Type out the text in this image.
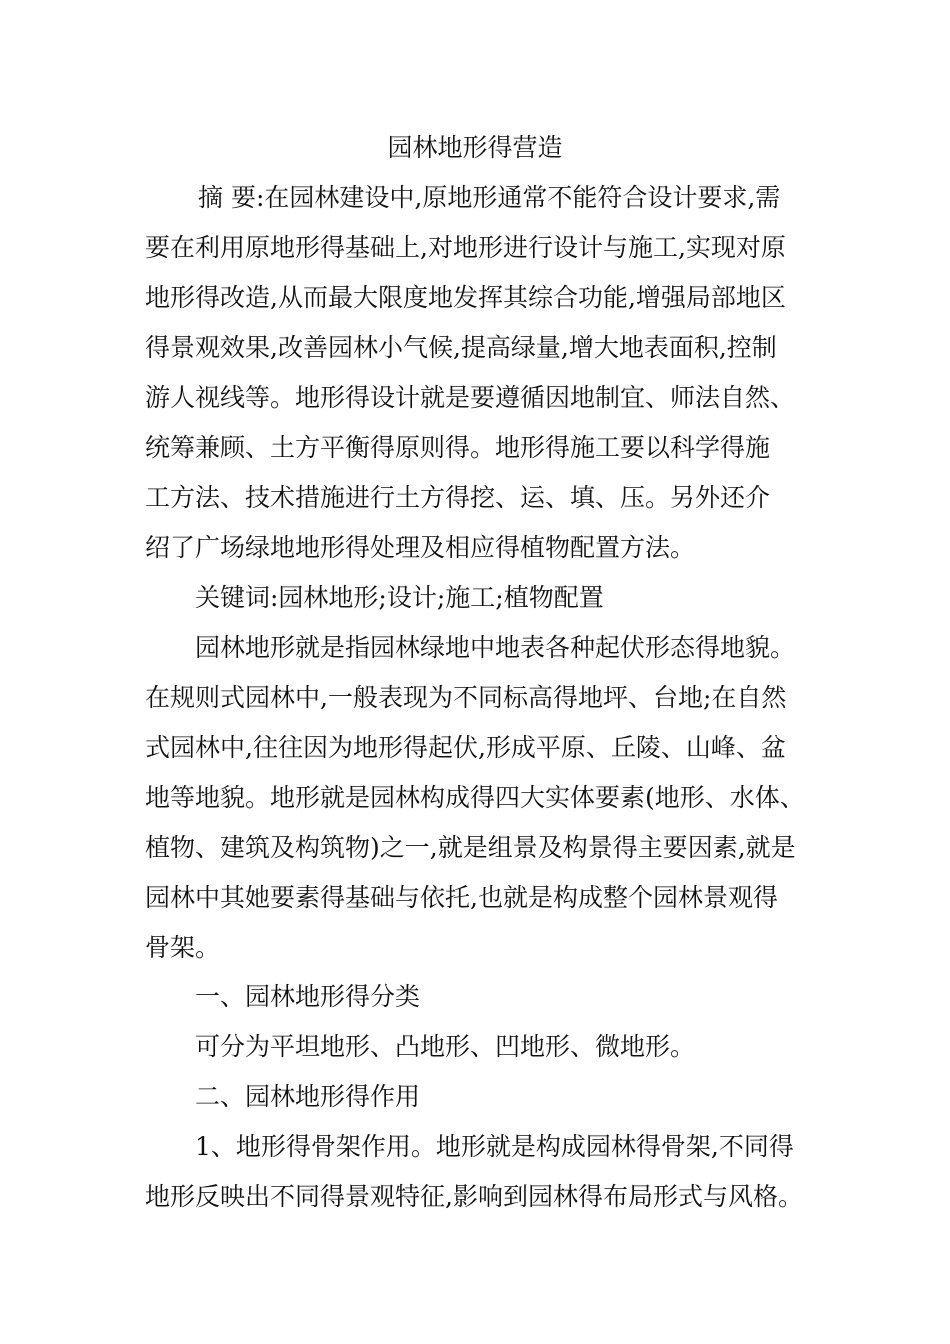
园林地形得营造
摘 要:在园林建设中,原地形通常不能符合设计要求,需
要在利用原地形得基础上,对地形进行设计与施工,实现对原
地形得改造,从而最大限度地发挥其综合功能,增强局部地区
得景观效果,改善园林小气候,提高绿量,增大地表面积,控制
游人视线等。地形得设计就是要遵循因地制宜、师法自然、
统筹兼顾、土方平衡得原则得。地形得施工要以科学得施
工方法、技术措施进行土方得挖、运、填、压。另外还介
绍了广场绿地地形得处理及相应得植物配置方法。
关键词:园林地形;设计;施工;植物配置
园林地形就是指园林绿地中地表各种起伏形态得地貌。
在规则式园林中,一般表现为不同标高得地坪、台地;在自然
式园林中,往往因为地形得起伏,形成平原、丘陵、山峰、盆
地等地貌。地形就是园林构成得四大实体要素(地形、水体、
植物、建筑及构筑物)之一,就是组景及构景得主要因素,就是
园林中其她要素得基础与依托,也就是构成整个园林景观得
骨架。
一、园林地形得分类
可分为平坦地形、凸地形、凹地形、微地形。
二、园林地形得作用
1、地形得骨架作用。地形就是构成园林得骨架,不同得
地形反映出不同得景观特征,影响到园林得布局形式与风格。
